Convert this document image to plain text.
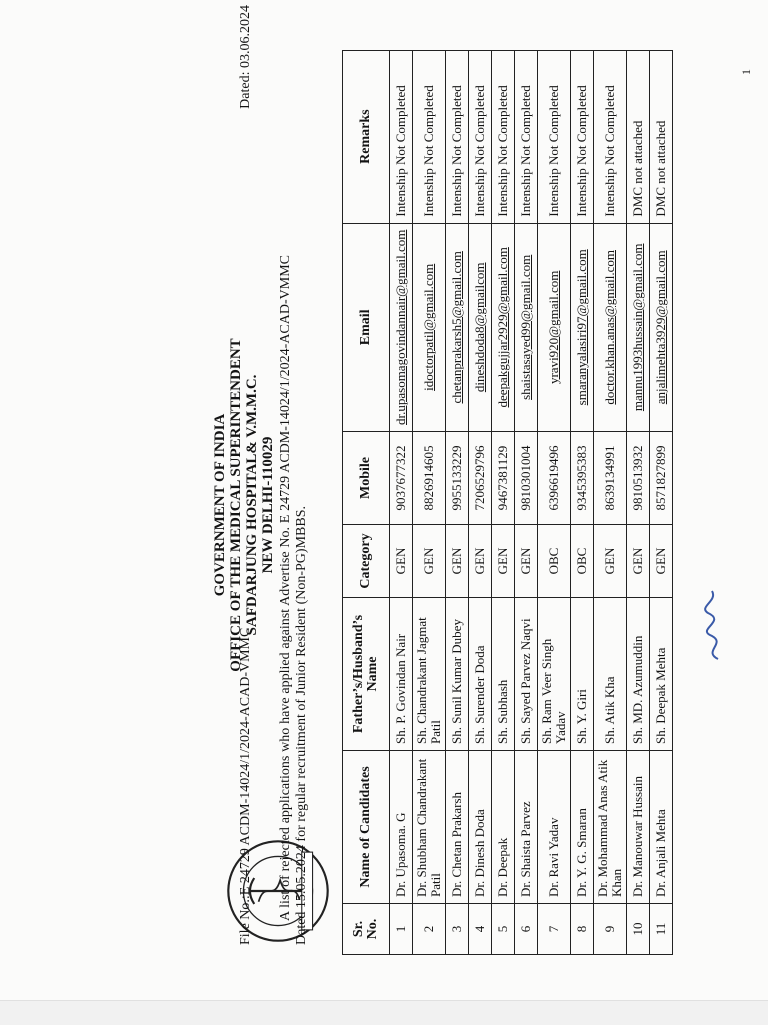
GOVERNMENT OF INDIA OFFICE OF THE MEDICAL SUPERINTENDENT SAFDARJUNG HOSPITAL& V.M.M.C. NEW DELHI-110029

File No.:E 24729 ACDM-14024/1/2024-ACAD-VMMC

Dated: 03.06.2024

A list of rejected applications who have applied against Advertise No. E 24729 ACDM-14024/1/2024-ACAD-VMMC Dated 15.05.2024 for regular recruitment of Junior Resident (Non-PG)MBBS.	Sr. No.	Name of Candidates	Father’s/Husband’s Name	Category	Mobile	Email	Remarks
1	Dr. Upasoma. G	Sh. P. Govindan Nair	GEN	9037677322	dr.upasomagovindannair@gmail.com	Intenship Not Completed
2	Dr. Shubham Chandrakant Patil	Sh. Chandrakant Jagmat Patil	GEN	8826914605	idoctorpatil@gmail.com	Intenship Not Completed
3	Dr. Chetan Prakarsh	Sh. Sunil Kumar Dubey	GEN	9955133229	chetanprakarsh5@gmail.com	Intenship Not Completed
4	Dr. Dinesh Doda	Sh. Surender Doda	GEN	7206529796	dineshdoda8@gmailcom	Intenship Not Completed
5	Dr. Deepak	Sh. Subhash	GEN	9467381129	deepakgujjar2929@gmail.com	Intenship Not Completed
6	Dr. Shaista Parvez	Sh. Sayed Parvez Naqvi	GEN	9810301004	shaistasayed99@gmail.com	Intenship Not Completed
7	Dr. Ravi Yadav	Sh. Ram Veer Singh Yadav	OBC	6396619496	yravi920@gmail.com	Intenship Not Completed
8	Dr. Y. G. Smaran	Sh. Y. Giri	OBC	9345395383	smaranyalasiri97@gmail.com	Intenship Not Completed
9	Dr. Mohammad Anas Atik Khan	Sh. Atik Kha	GEN	8639134991	doctor.khan.anas@gmail.com	Intenship Not Completed
10	Dr. Manouwar Hussain	Sh. MD. Azumuddin	GEN	9810513932	mannu1993hussain@gmail.com	DMC not attached
11	Dr. Anjali Mehta	Sh. Deepak Mehta	GEN	8571827899	anjalimehta3929@gmail.com	DMC not attached
1
